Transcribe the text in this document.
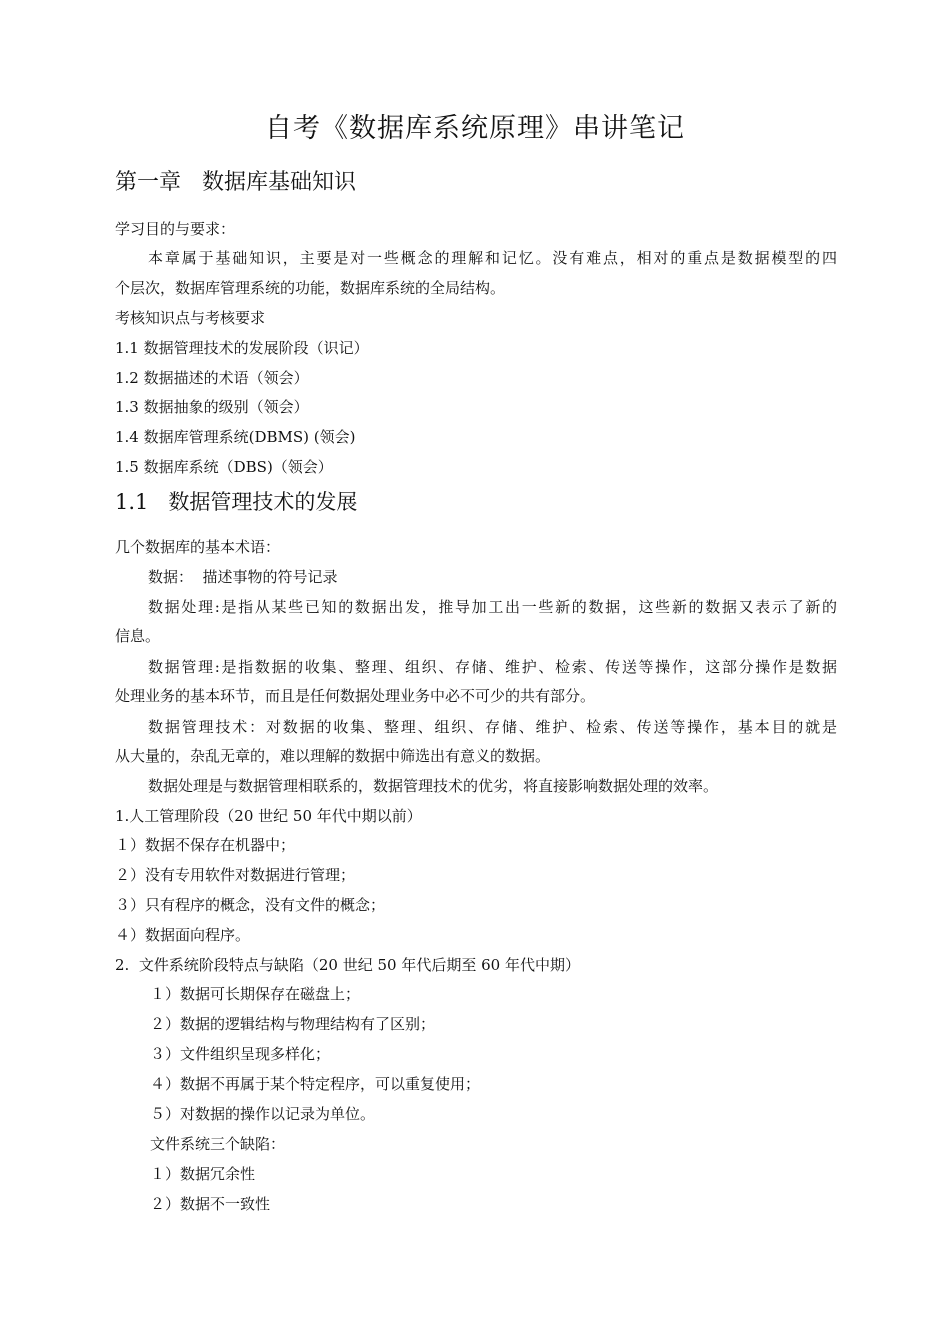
自考《数据库系统原理》串讲笔记
第一章   数据库基础知识
学习目的与要求：
本章属于基础知识，主要是对一些概念的理解和记忆。没有难点，相对的重点是数据模型的四
个层次，数据库管理系统的功能，数据库系统的全局结构。
考核知识点与考核要求
1.1 数据管理技术的发展阶段（识记）
1.2 数据描述的术语（领会）
1.3 数据抽象的级别（领会）
1.4 数据库管理系统(DBMS) (领会)
1.5 数据库系统（DBS)（领会）
1.1   数据管理技术的发展
几个数据库的基本术语：
数据：  描述事物的符号记录
数据处理:是指从某些已知的数据出发，推导加工出一些新的数据，这些新的数据又表示了新的
信息。
数据管理:是指数据的收集、整理、组织、存储、维护、检索、传送等操作，这部分操作是数据
处理业务的基本环节，而且是任何数据处理业务中必不可少的共有部分。
数据管理技术：对数据的收集、整理、组织、存储、维护、检索、传送等操作，基本目的就是
从大量的，杂乱无章的，难以理解的数据中筛选出有意义的数据。
数据处理是与数据管理相联系的，数据管理技术的优劣，将直接影响数据处理的效率。
1.人工管理阶段（20 世纪 50 年代中期以前）
１）数据不保存在机器中；
２）没有专用软件对数据进行管理；
３）只有程序的概念，没有文件的概念；
４）数据面向程序。
2.  文件系统阶段特点与缺陷（20 世纪 50 年代后期至 60 年代中期）
１）数据可长期保存在磁盘上；
２）数据的逻辑结构与物理结构有了区别；
３）文件组织呈现多样化；
４）数据不再属于某个特定程序，可以重复使用；
５）对数据的操作以记录为单位。
文件系统三个缺陷：
１）数据冗余性
２）数据不一致性
